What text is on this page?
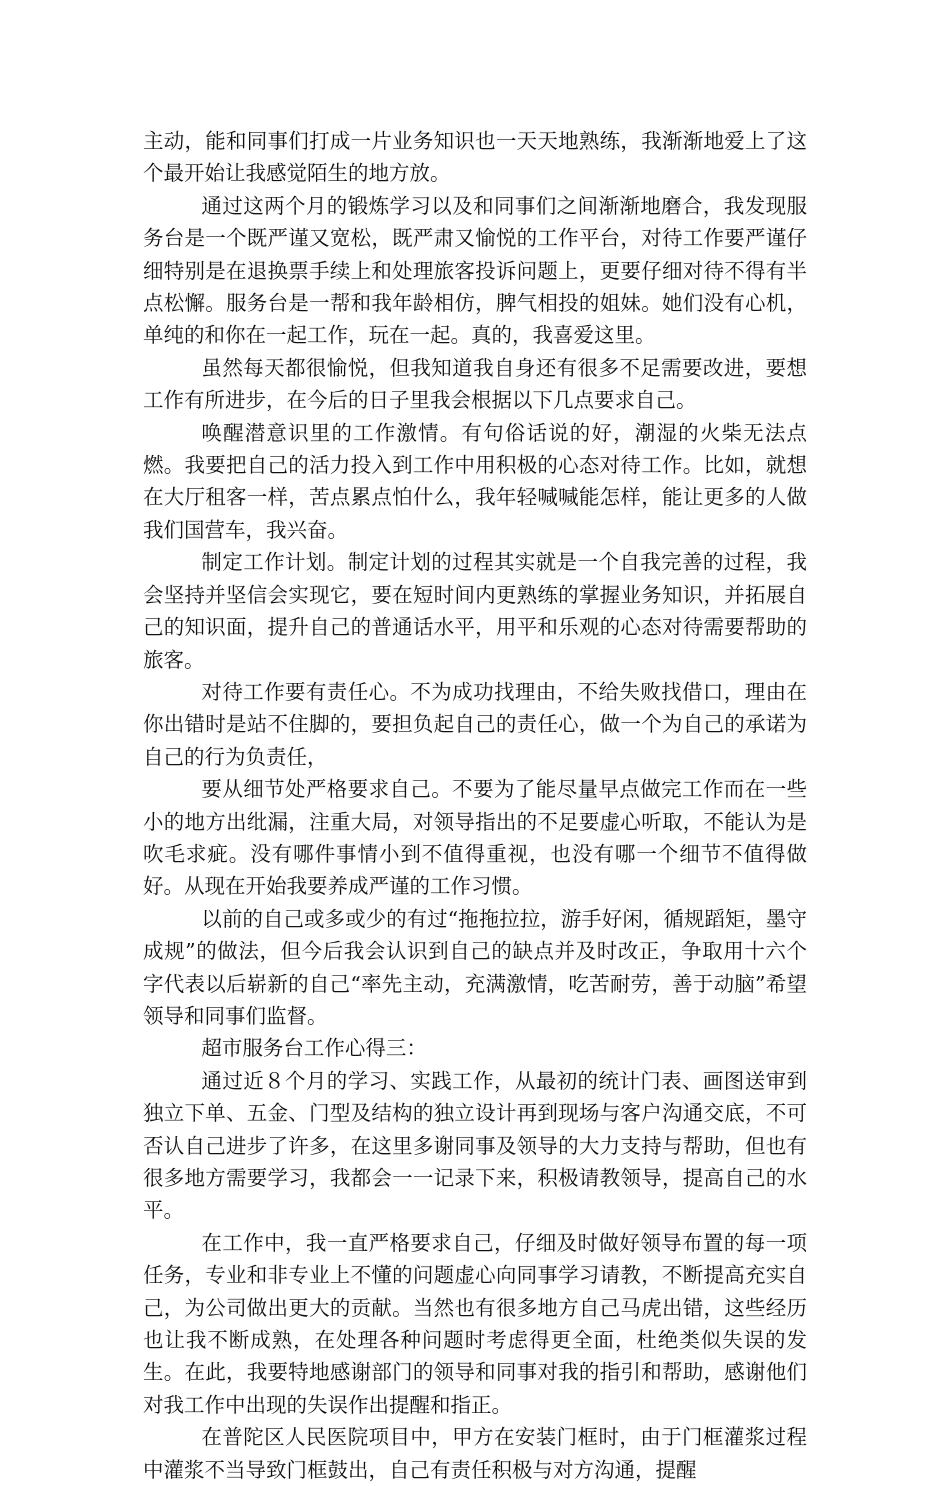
主动，能和同事们打成一片业务知识也一天天地熟练，我渐渐地爱上了这个最开始让我感觉陌生的地方放。

通过这两个月的锻炼学习以及和同事们之间渐渐地磨合，我发现服务台是一个既严谨又宽松，既严肃又愉悦的工作平台，对待工作要严谨仔细特别是在退换票手续上和处理旅客投诉问题上，更要仔细对待不得有半点松懈。服务台是一帮和我年龄相仿，脾气相投的姐妹。她们没有心机，单纯的和你在一起工作，玩在一起。真的，我喜爱这里。

虽然每天都很愉悦，但我知道我自身还有很多不足需要改进，要想工作有所进步，在今后的日子里我会根据以下几点要求自己。

唤醒潜意识里的工作激情。有句俗话说的好，潮湿的火柴无法点燃。我要把自己的活力投入到工作中用积极的心态对待工作。比如，就想在大厅租客一样，苦点累点怕什么，我年轻喊喊能怎样，能让更多的人做我们国营车，我兴奋。

制定工作计划。制定计划的过程其实就是一个自我完善的过程，我会坚持并坚信会实现它，要在短时间内更熟练的掌握业务知识，并拓展自己的知识面，提升自己的普通话水平，用平和乐观的心态对待需要帮助的旅客。

对待工作要有责任心。不为成功找理由，不给失败找借口，理由在你出错时是站不住脚的，要担负起自己的责任心，做一个为自己的承诺为自己的行为负责任，

要从细节处严格要求自己。不要为了能尽量早点做完工作而在一些小的地方出纰漏，注重大局，对领导指出的不足要虚心听取，不能认为是吹毛求疵。没有哪件事情小到不值得重视，也没有哪一个细节不值得做好。从现在开始我要养成严谨的工作习惯。

以前的自己或多或少的有过“拖拖拉拉，游手好闲，循规蹈矩，墨守成规”的做法，但今后我会认识到自己的缺点并及时改正，争取用十六个字代表以后崭新的自己“率先主动，充满激情，吃苦耐劳，善于动脑”希望领导和同事们监督。

超市服务台工作心得三：

通过近８个月的学习、实践工作，从最初的统计门表、画图送审到独立下单、五金、门型及结构的独立设计再到现场与客户沟通交底，不可否认自己进步了许多，在这里多谢同事及领导的大力支持与帮助，但也有很多地方需要学习，我都会一一记录下来，积极请教领导，提高自己的水平。

在工作中，我一直严格要求自己，仔细及时做好领导布置的每一项任务，专业和非专业上不懂的问题虚心向同事学习请教，不断提高充实自己，为公司做出更大的贡献。当然也有很多地方自己马虎出错，这些经历也让我不断成熟，在处理各种问题时考虑得更全面，杜绝类似失误的发生。在此，我要特地感谢部门的领导和同事对我的指引和帮助，感谢他们对我工作中出现的失误作出提醒和指正。

在普陀区人民医院项目中，甲方在安装门框时，由于门框灌浆过程中灌浆不当导致门框鼓出，自己有责任积极与对方沟通，提醒
